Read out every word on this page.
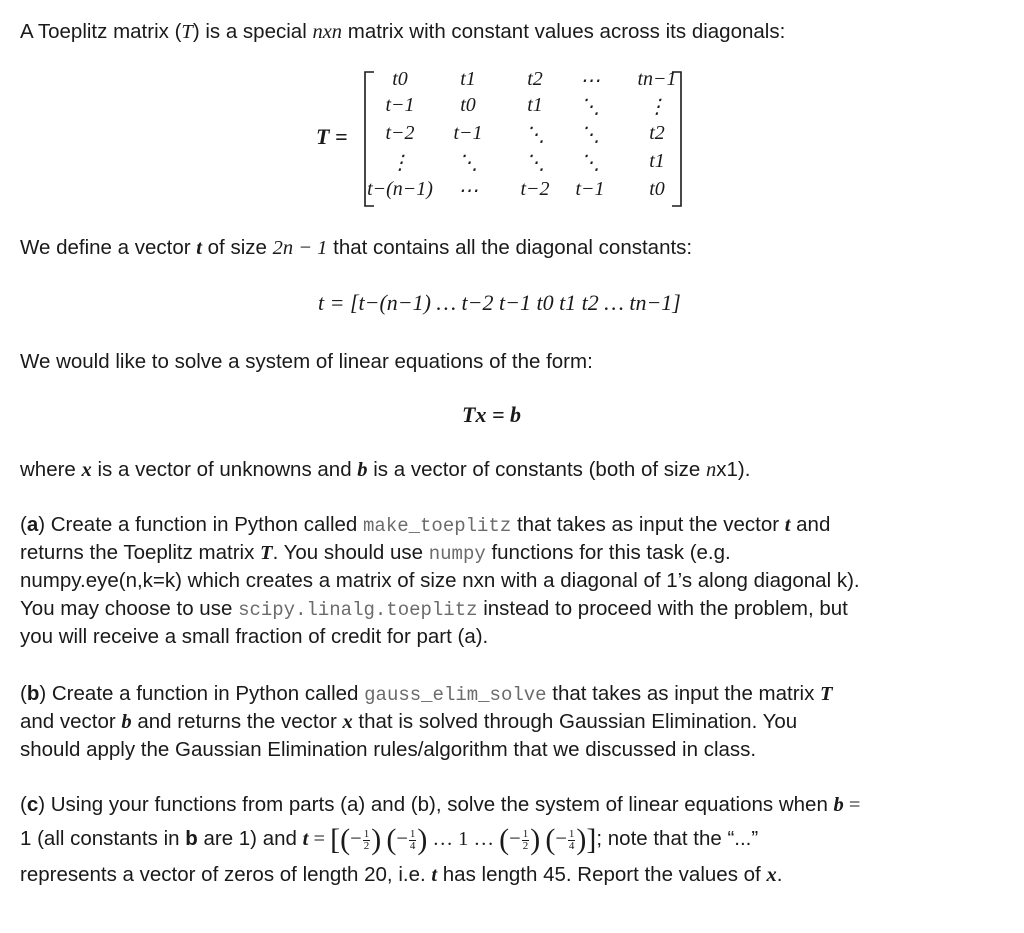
A Toeplitz matrix (T) is a special nxn matrix with constant values across its diagonals:
T =
t0	t1	t2	⋯	tn−1
t−1	t0	t1	⋱	⋮
t−2	t−1	⋱	⋱	t2
⋮	⋱	⋱	⋱	t1
t−(n−1)	⋯	t−2	t−1	t0
We define a vector t of size 2n − 1 that contains all the diagonal constants:
t = [t−(n−1) … t−2 t−1 t0 t1 t2 … tn−1]
We would like to solve a system of linear equations of the form:
Tx = b
where x is a vector of unknowns and b is a vector of constants (both of size nx1).
(a) Create a function in Python called make_toeplitz that takes as input the vector t and
returns the Toeplitz matrix T. You should use numpy functions for this task (e.g.
numpy.eye(n,k=k) which creates a matrix of size nxn with a diagonal of 1’s along diagonal k).
You may choose to use scipy.linalg.toeplitz instead to proceed with the problem, but
you will receive a small fraction of credit for part (a).
(b) Create a function in Python called gauss_elim_solve that takes as input the matrix T
and vector b and returns the vector x that is solved through Gaussian Elimination. You
should apply the Gaussian Elimination rules/algorithm that we discussed in class.
(c) Using your functions from parts (a) and (b), solve the system of linear equations when b =
1 (all constants in b are 1) and t = [(− $\frac{1}{2}$ ) (− $\frac{1}{4}$ ) … 1 … (− $\frac{1}{2}$ ) (− $\frac{1}{4}$ )]; note that the “...”
represents a vector of zeros of length 20, i.e. t has length 45. Report the values of x.
